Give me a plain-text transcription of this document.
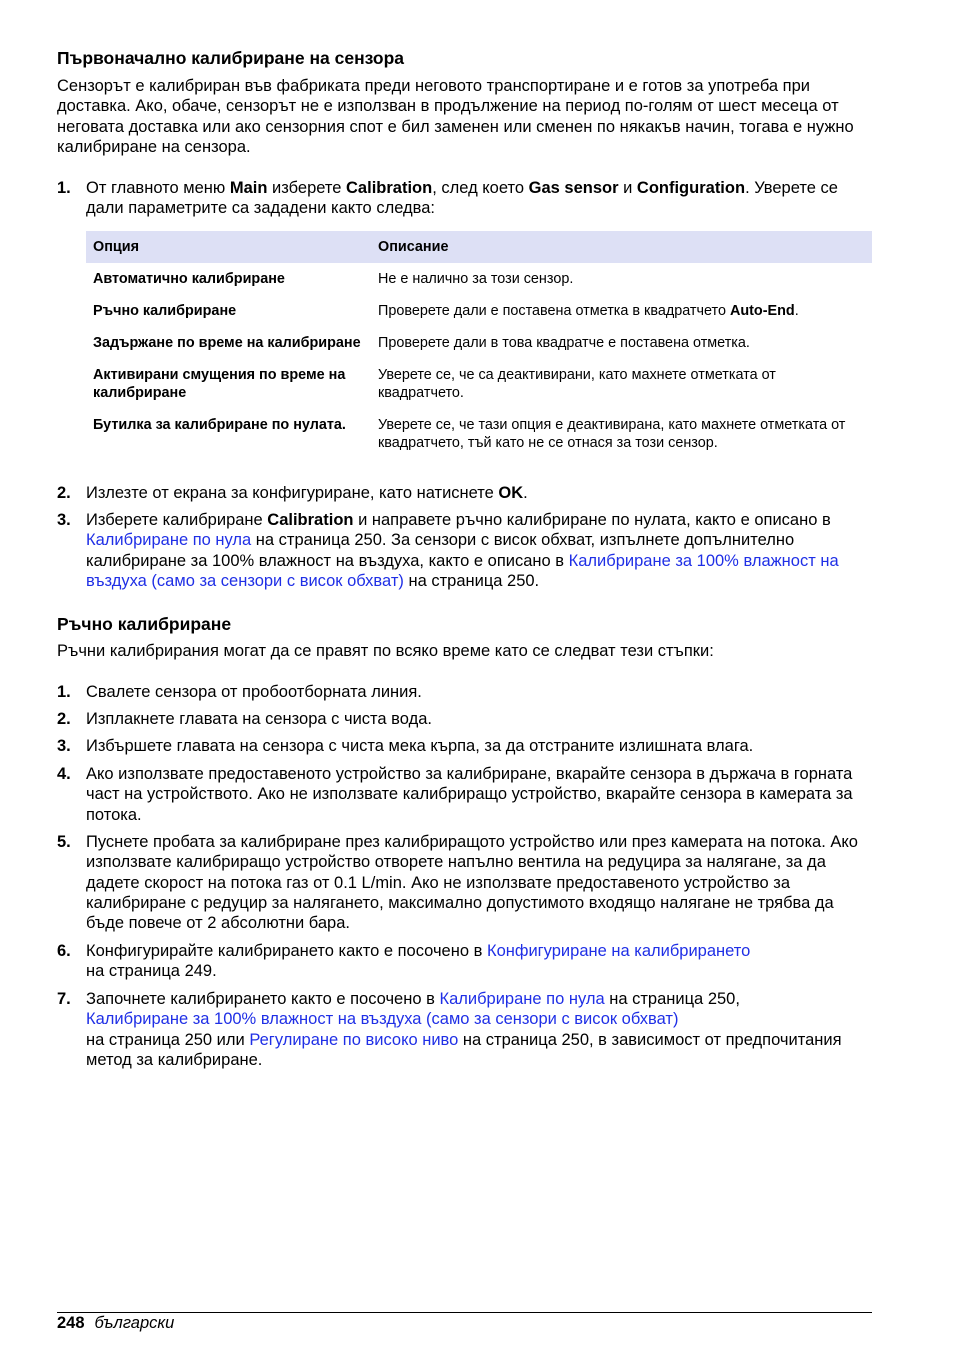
Първоначално калибриране на сензора

Сензорът е калибриран във фабриката преди неговото транспортиране и е готов за употреба при доставка. Ако, обаче, сензорът не е използван в продължение на период по-голям от шест месеца от неговата доставка или ако сензорния спот е бил заменен или сменен по някакъв начин, тогава е нужно калибриране на сензора.

1. От главното меню Main изберете Calibration, след което Gas sensor и Configuration. Уверете се дали параметрите са зададени както следва:
Опция	Описание
Автоматично калибриране	Не е налично за този сензор.
Ръчно калибриране	Проверете дали е поставена отметка в квадратчето Auto-End.
Задържане по време на калибриране	Проверете дали в това квадратче е поставена отметка.
Активирани смущения по време на калибриране	Уверете се, че са деактивирани, като махнете отметката от квадратчето.
Бутилка за калибриране по нулата.	Уверете се, че тази опция е деактивирана, като махнете отметката от квадратчето, тъй като не се отнася за този сензор.
2. Излезте от екрана за конфигуриране, като натиснете OK.
3. Изберете калибриране Calibration и направете ръчно калибриране по нулата, както е описано в Калибриране по нула на страница 250. За сензори с висок обхват, изпълнете допълнително калибриране за 100% влажност на въздуха, както е описано в Калибриране за 100% влажност на въздуха (само за сензори с висок обхват) на страница 250.
Ръчно калибриране

Ръчни калибрирания могат да се правят по всяко време като се следват тези стъпки:

1. Свалете сензора от пробоотборната линия.
2. Изплакнете главата на сензора с чиста вода.
3. Избършете главата на сензора с чиста мека кърпа, за да отстраните излишната влага.
4. Ако използвате предоставеното устройство за калибриране, вкарайте сензора в държача в горната част на устройството. Ако не използвате калибриращо устройство, вкарайте сензора в камерата за потока.
5. Пуснете пробата за калибриране през калибриращото устройство или през камерата на потока. Ако използвате калибриращо устройство отворете напълно вентила на редуцира за налягане, за да дадете скорост на потока газ от 0.1 L/min. Ако не използвате предоставеното устройство за калибриране с редуцир за налягането, максимално допустимото входящо налягане не трябва да бъде повече от 2 абсолютни бара.
6. Конфигурирайте калибрирането както е посочено в Конфигуриране на калибрирането
на страница 249.
7. Започнете калибрирането както е посочено в Калибриране по нула на страница 250,
Калибриране за 100% влажност на въздуха (само за сензори с висок обхват)
на страница 250 или Регулиране по високо ниво на страница 250, в зависимост от предпочитания метод за калибриране.
248 български
